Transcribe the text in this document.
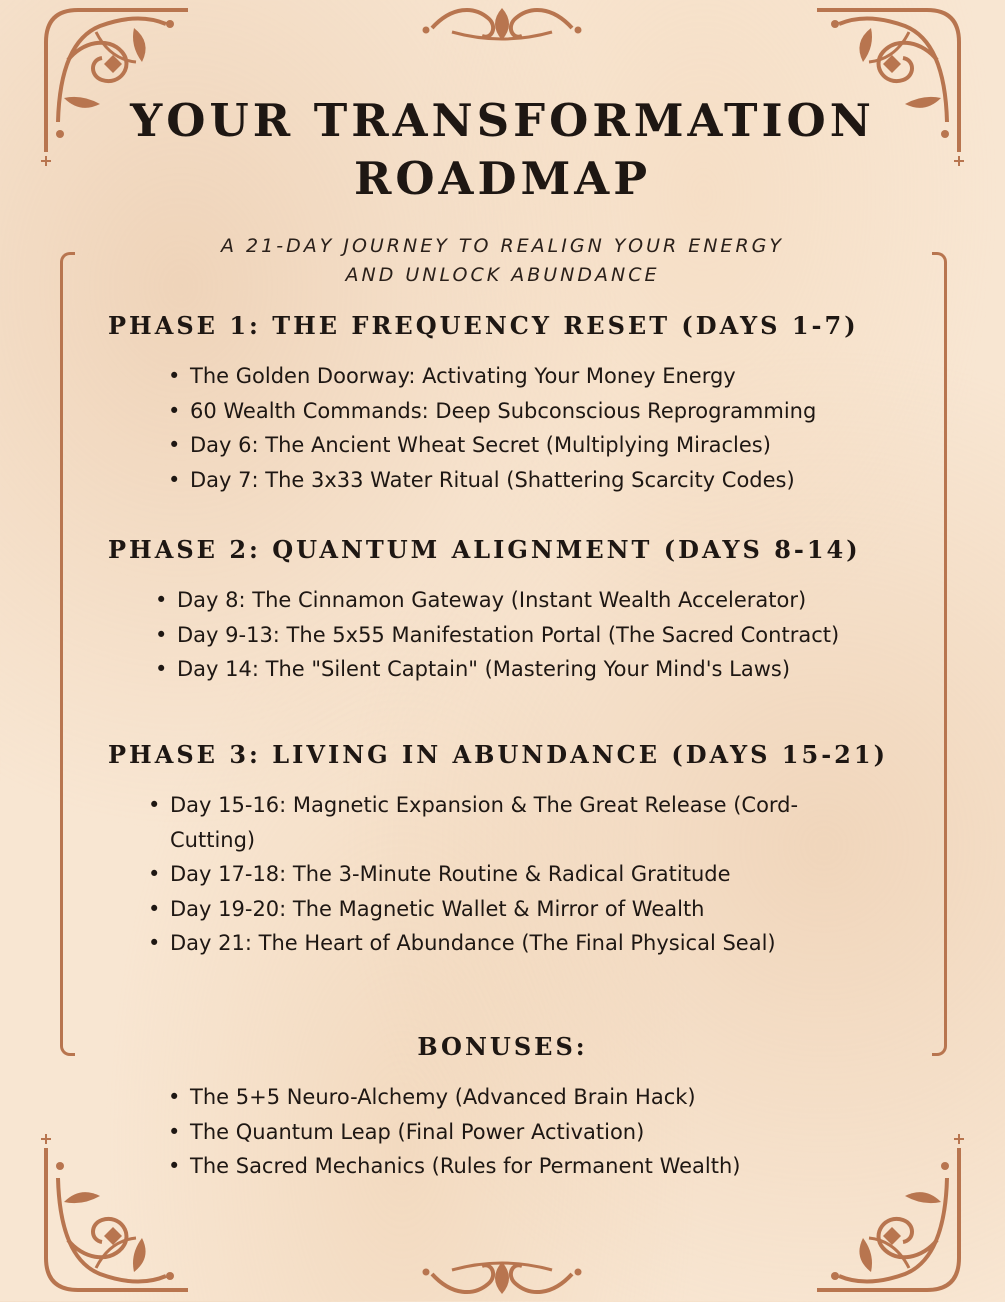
YOUR TRANSFORMATION
ROADMAP

A 21-DAY JOURNEY TO REALIGN YOUR ENERGY
AND UNLOCK ABUNDANCE

PHASE 1: THE FREQUENCY RESET (DAYS 1-7)
• The Golden Doorway: Activating Your Money Energy
• 60 Wealth Commands: Deep Subconscious Reprogramming
• Day 6: The Ancient Wheat Secret (Multiplying Miracles)
• Day 7: The 3x33 Water Ritual (Shattering Scarcity Codes)
PHASE 2: QUANTUM ALIGNMENT (DAYS 8-14)
• Day 8: The Cinnamon Gateway (Instant Wealth Accelerator)
• Day 9-13: The 5x55 Manifestation Portal (The Sacred Contract)
• Day 14: The "Silent Captain" (Mastering Your Mind's Laws)
PHASE 3: LIVING IN ABUNDANCE (DAYS 15-21)
• Day 15-16: Magnetic Expansion & The Great Release (Cord-Cutting)
• Day 17-18: The 3-Minute Routine & Radical Gratitude
• Day 19-20: The Magnetic Wallet & Mirror of Wealth
• Day 21: The Heart of Abundance (The Final Physical Seal)
BONUSES:
• The 5+5 Neuro-Alchemy (Advanced Brain Hack)
• The Quantum Leap (Final Power Activation)
• The Sacred Mechanics (Rules for Permanent Wealth)
